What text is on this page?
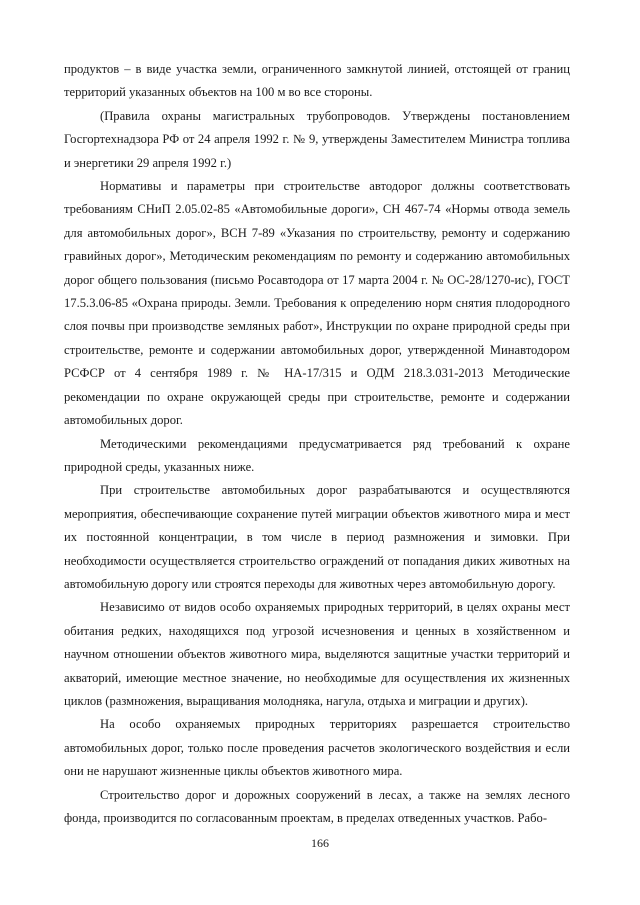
продуктов – в виде участка земли, ограниченного замкнутой линией, отстоящей от границ территорий указанных объектов на 100 м во все стороны.

(Правила охраны магистральных трубопроводов. Утверждены постановлением Госгортехнадзора РФ от 24 апреля 1992 г. № 9, утверждены Заместителем Министра топлива и энергетики 29 апреля 1992 г.)

Нормативы и параметры при строительстве автодорог должны соответствовать требованиям СНиП 2.05.02-85 «Автомобильные дороги», СН 467-74 «Нормы отвода земель для автомобильных дорог», ВСН 7-89 «Указания по строительству, ремонту и содержанию гравийных дорог», Методическим рекомендациям по ремонту и содержанию автомобильных дорог общего пользования (письмо Росавтодора от 17 марта 2004 г. № ОС-28/1270-ис), ГОСТ 17.5.3.06-85 «Охрана природы. Земли. Требования к определению норм снятия плодородного слоя почвы при производстве земляных работ», Инструкции по охране природной среды при строительстве, ремонте и содержании автомобильных дорог, утвержденной Минавтодором РСФСР от 4 сентября 1989 г. № НА-17/315 и ОДМ 218.3.031-2013 Методические рекомендации по охране окружающей среды при строительстве, ремонте и содержании автомобильных дорог.

Методическими рекомендациями предусматривается ряд требований к охране природной среды, указанных ниже.

При строительстве автомобильных дорог разрабатываются и осуществляются мероприятия, обеспечивающие сохранение путей миграции объектов животного мира и мест их постоянной концентрации, в том числе в период размножения и зимовки. При необходимости осуществляется строительство ограждений от попадания диких животных на автомобильную дорогу или строятся переходы для животных через автомобильную дорогу.

Независимо от видов особо охраняемых природных территорий, в целях охраны мест обитания редких, находящихся под угрозой исчезновения и ценных в хозяйственном и научном отношении объектов животного мира, выделяются защитные участки территорий и акваторий, имеющие местное значение, но необходимые для осуществления их жизненных циклов (размножения, выращивания молодняка, нагула, отдыха и миграции и других).

На особо охраняемых природных территориях разрешается строительство автомобильных дорог, только после проведения расчетов экологического воздействия и если они не нарушают жизненные циклы объектов животного мира.

Строительство дорог и дорожных сооружений в лесах, а также на землях лесного фонда, производится по согласованным проектам, в пределах отведенных участков. Рабо-

166
